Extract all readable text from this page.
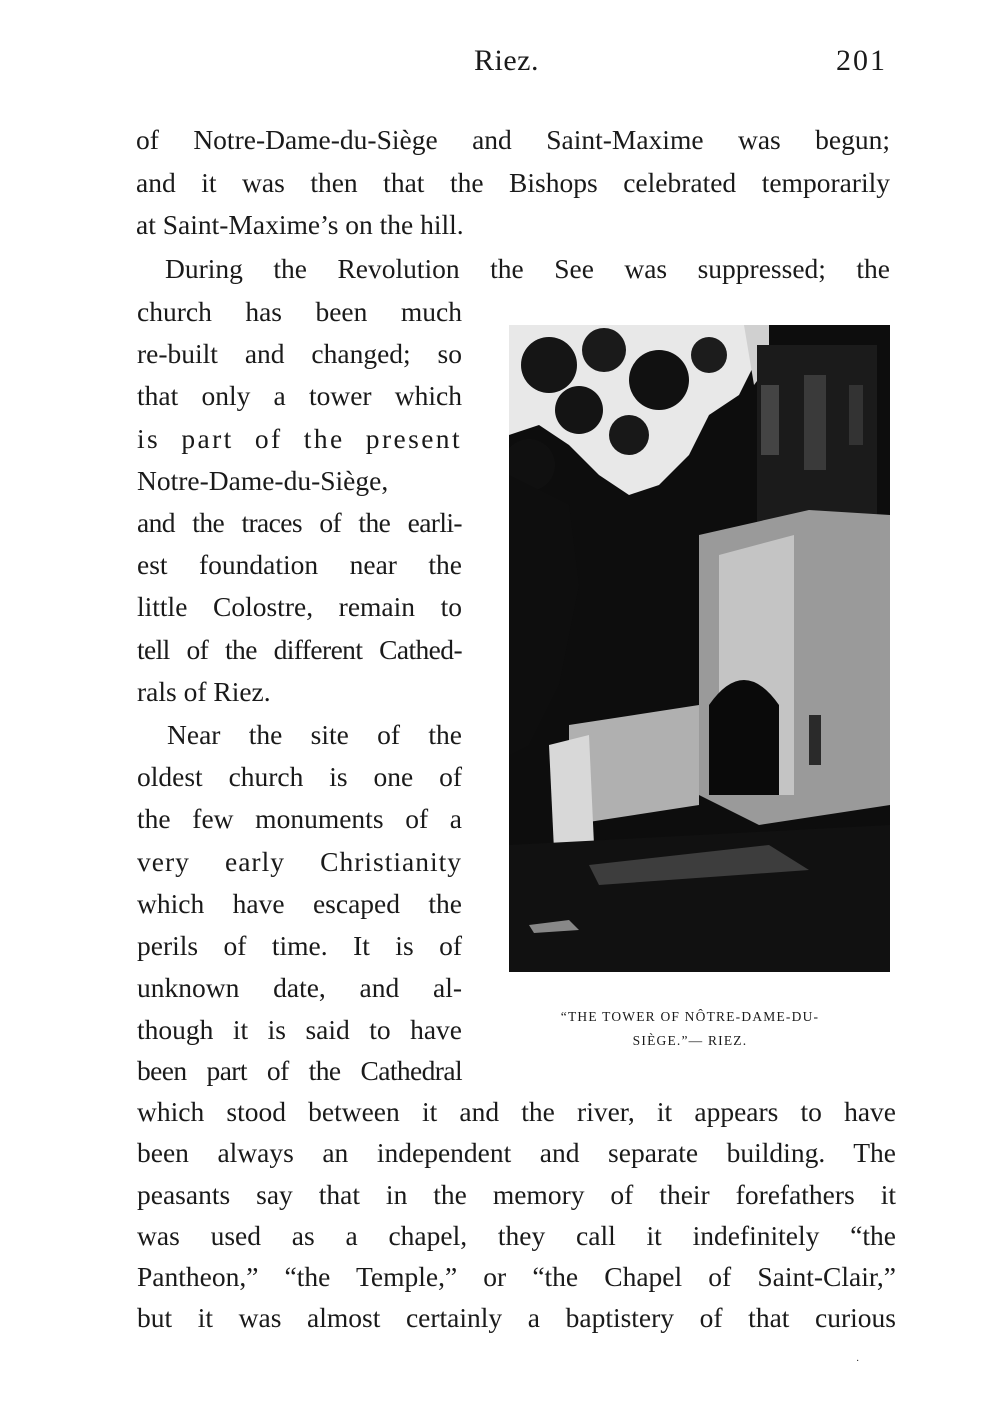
Riez.	201
of Notre-Dame-du-Siège and Saint-Maxime was begun;
and it was then that the Bishops celebrated temporarily
at Saint-Maxime’s on the hill.
During the Revolution the See was suppressed; the
church has been much
re-built and changed; so
that only a tower which
is part of the present
Notre-Dame-du-Siège,
and the traces of the earli-
est foundation near the
little Colostre, remain to
tell of the different Cathed-
rals of Riez.
Near the site of the
oldest church is one of
the few monuments of a
very early Christianity
which have escaped the
perils of time. It is of
unknown date, and al-
though it is said to have
been part of the Cathedral
which stood between it and the river, it appears to have
been always an independent and separate building. The
peasants say that in the memory of their forefathers it
was used as a chapel, they call it indefinitely “the
Pantheon,” “the Temple,” or “the Chapel of Saint-Clair,”
but it was almost certainly a baptistery of that curious
“THE TOWER OF NÔTRE-DAME-DU-
SIÈGE.”— RIEZ.
·
